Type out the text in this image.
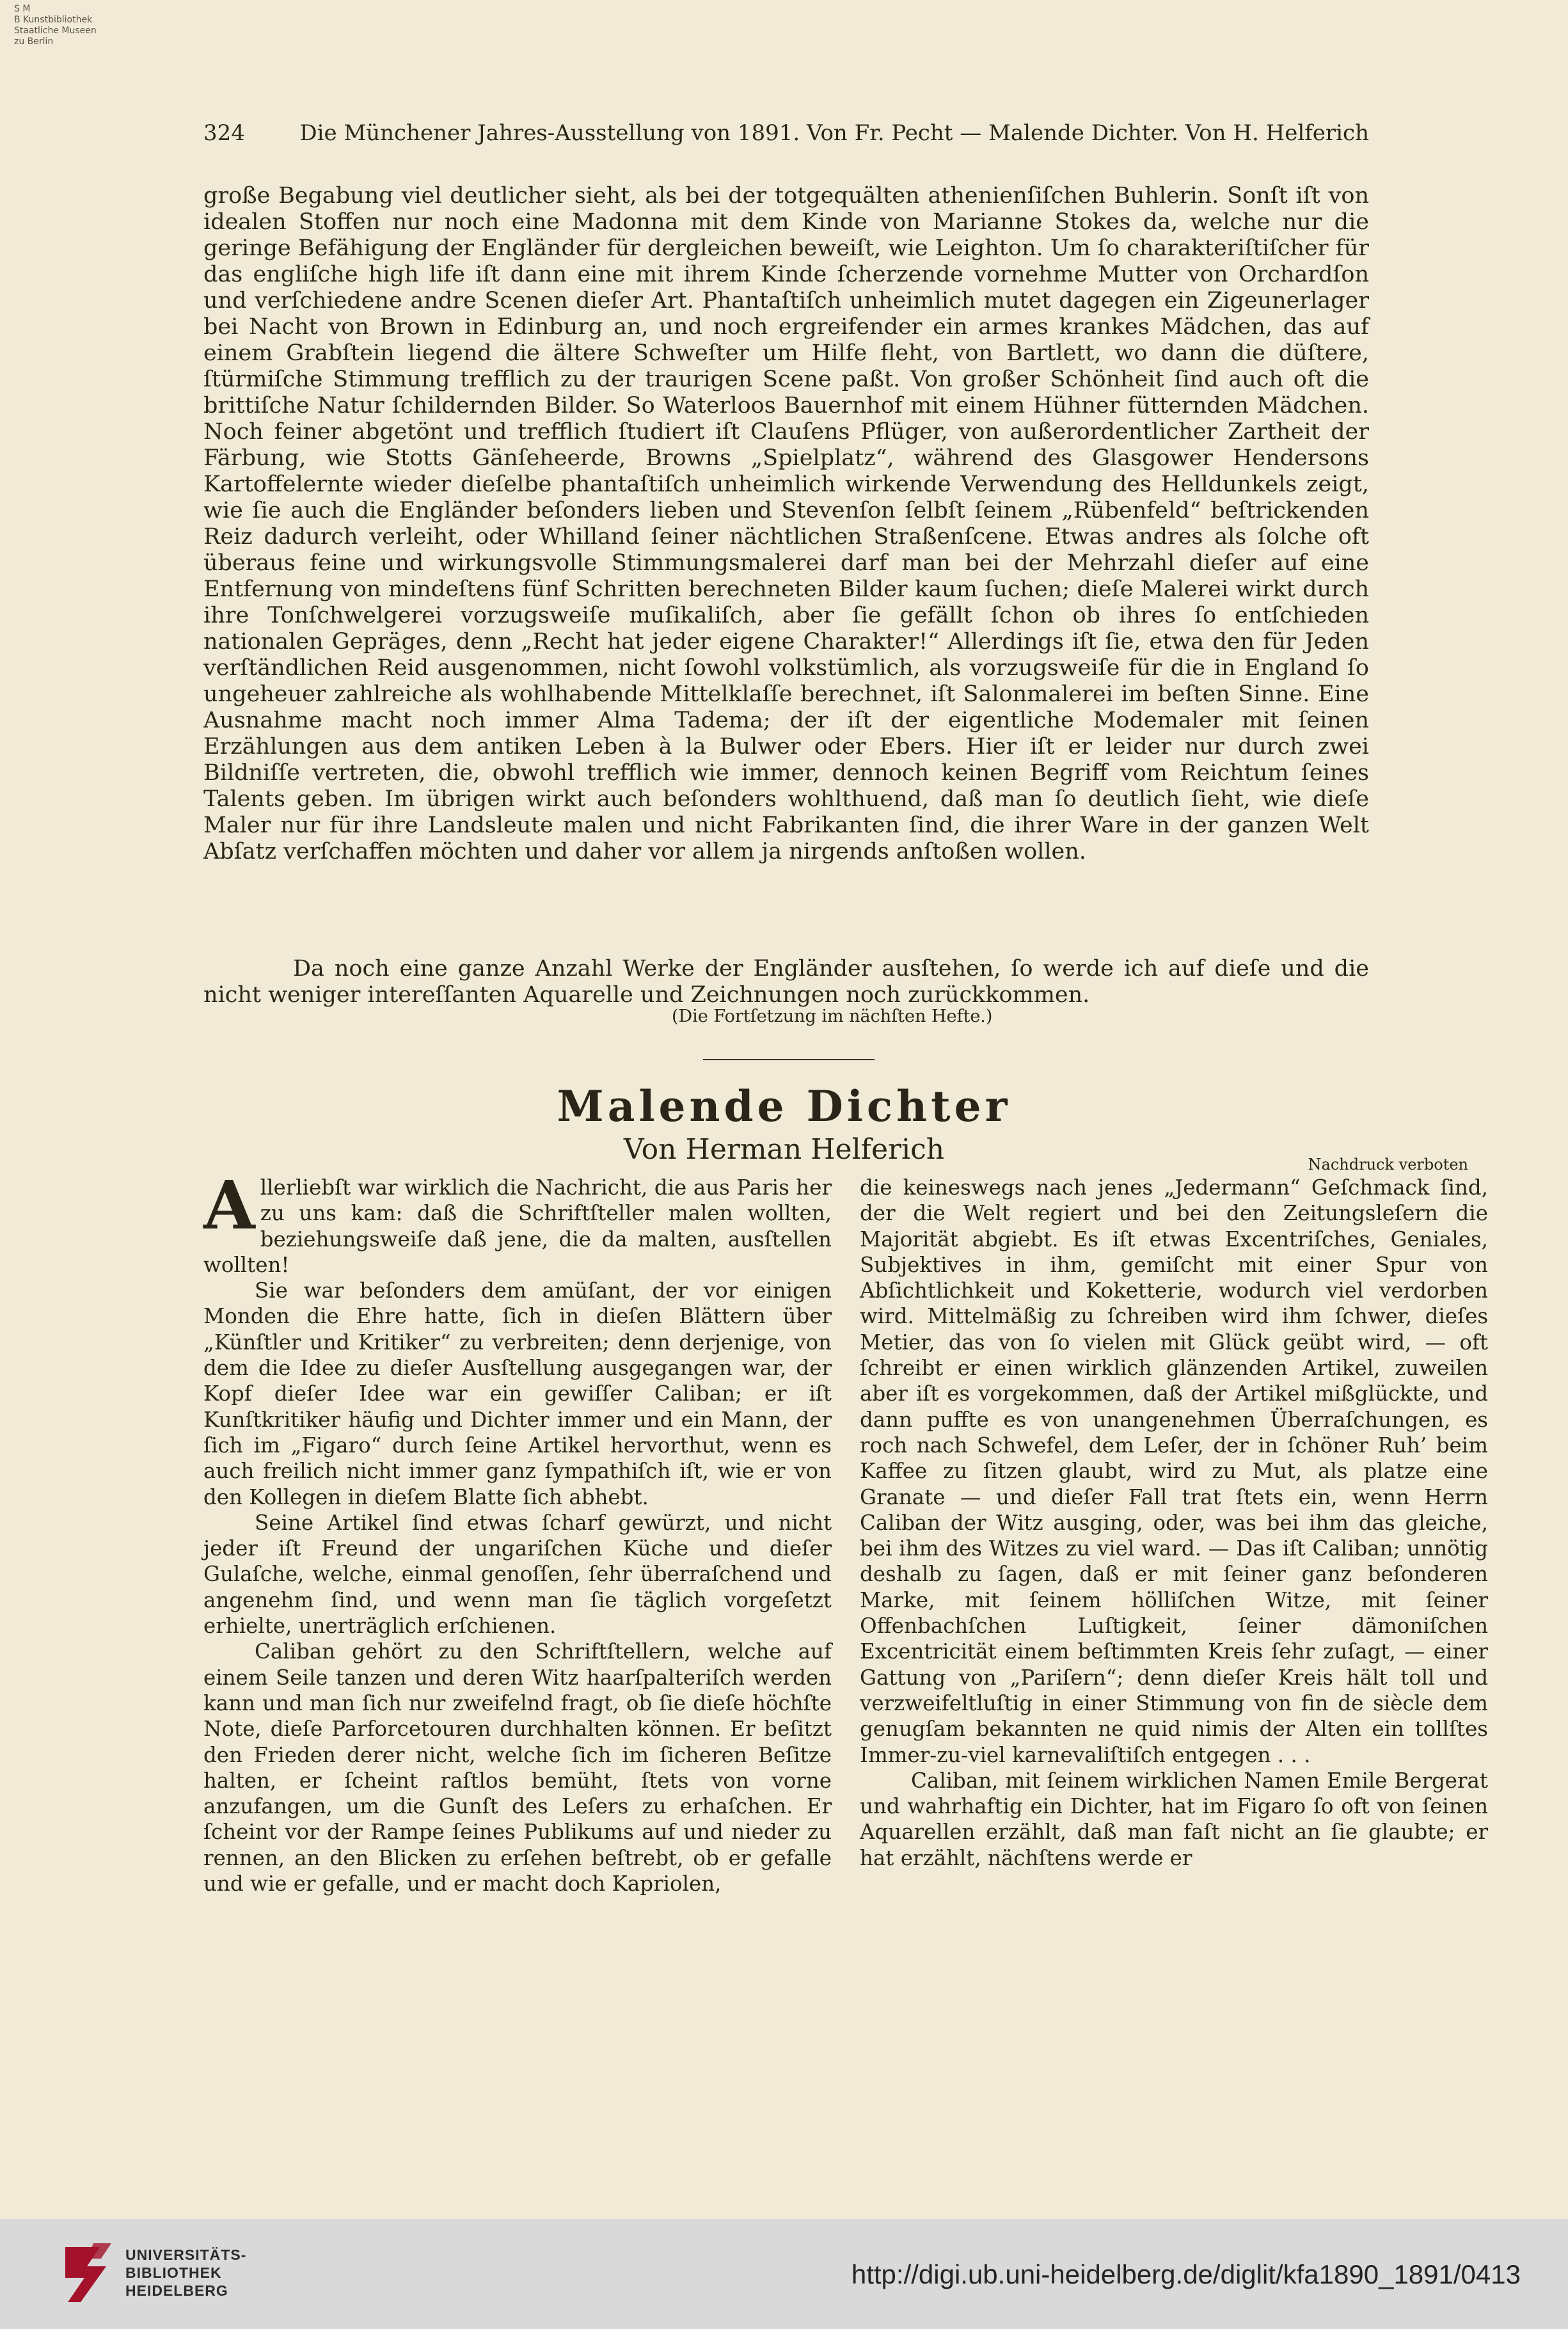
S M
B Kunstbibliothek
Staatliche Museen
zu Berlin
324	Die Münchener Jahres-Ausstellung von 1891. Von Fr. Pecht — Malende Dichter. Von H. Helferich

große Begabung viel deutlicher sieht, als bei der totgequälten athenienſiſchen Buhlerin. Sonſt iſt von idealen Stoffen nur noch eine Madonna mit dem Kinde von Marianne Stokes da, welche nur die geringe Befähigung der Engländer für dergleichen beweiſt, wie Leighton. Um ſo charakteriſtiſcher für das engliſche high life iſt dann eine mit ihrem Kinde ſcherzende vornehme Mutter von Orchardſon und verſchiedene andre Scenen dieſer Art. Phantaſtiſch unheimlich mutet dagegen ein Zigeunerlager bei Nacht von Brown in Edinburg an, und noch ergreifender ein armes krankes Mädchen, das auf einem Grabſtein liegend die ältere Schweſter um Hilfe fleht, von Bartlett, wo dann die düſtere, ſtürmiſche Stimmung trefflich zu der traurigen Scene paßt. Von großer Schönheit ſind auch oft die brittiſche Natur ſchildernden Bilder. So Waterloos Bauernhof mit einem Hühner fütternden Mädchen. Noch feiner abgetönt und trefflich ſtudiert iſt Clauſens Pflüger, von außerordentlicher Zartheit der Färbung, wie Stotts Gänſeheerde, Browns „Spielplatz“, während des Glasgower Hendersons Kartoffelernte wieder dieſelbe phantaſtiſch unheimlich wirkende Verwendung des Helldunkels zeigt, wie ſie auch die Engländer beſonders lieben und Stevenſon ſelbſt ſeinem „Rübenfeld“ beſtrickenden Reiz dadurch verleiht, oder Whilland ſeiner nächtlichen Straßenſcene. Etwas andres als ſolche oft überaus feine und wirkungsvolle Stimmungsmalerei darf man bei der Mehrzahl dieſer auf eine Entfernung von mindeſtens fünf Schritten berechneten Bilder kaum ſuchen; dieſe Malerei wirkt durch ihre Tonſchwelgerei vorzugsweiſe muſikaliſch, aber ſie gefällt ſchon ob ihres ſo entſchieden nationalen Gepräges, denn „Recht hat jeder eigene Charakter!“ Allerdings iſt ſie, etwa den für Jeden verſtändlichen Reid ausgenommen, nicht ſowohl volkstümlich, als vorzugsweiſe für die in England ſo ungeheuer zahlreiche als wohlhabende Mittelklaſſe berechnet, iſt Salonmalerei im beſten Sinne. Eine Ausnahme macht noch immer Alma Tadema; der iſt der eigentliche Modemaler mit ſeinen Erzählungen aus dem antiken Leben à la Bulwer oder Ebers. Hier iſt er leider nur durch zwei Bildniſſe vertreten, die, obwohl trefflich wie immer, dennoch keinen Begriff vom Reichtum ſeines Talents geben. Im übrigen wirkt auch beſonders wohlthuend, daß man ſo deutlich ſieht, wie dieſe Maler nur für ihre Landsleute malen und nicht Fabrikanten ſind, die ihrer Ware in der ganzen Welt Abſatz verſchaffen möchten und daher vor allem ja nirgends anſtoßen wollen.

Da noch eine ganze Anzahl Werke der Engländer ausſtehen, ſo werde ich auf dieſe und die nicht weniger intereſſanten Aquarelle und Zeichnungen noch zurückkommen.

(Die Fortſetzung im nächſten Hefte.)
Malende Dichter
Von Herman Helferich	Nachdruck verboten

Allerliebſt war wirklich die Nachricht, die aus Paris her zu uns kam: daß die Schriftſteller malen wollten, beziehungsweiſe daß jene, die da malten, ausſtellen wollten!

Sie war beſonders dem amüſant, der vor einigen Monden die Ehre hatte, ſich in dieſen Blättern über „Künſtler und Kritiker“ zu verbreiten; denn derjenige, von dem die Idee zu dieſer Ausſtellung ausgegangen war, der Kopf dieſer Idee war ein gewiſſer Caliban; er iſt Kunſtkritiker häufig und Dichter immer und ein Mann, der ſich im „Figaro“ durch ſeine Artikel hervorthut, wenn es auch freilich nicht immer ganz ſympathiſch iſt, wie er von den Kollegen in dieſem Blatte ſich abhebt.

Seine Artikel ſind etwas ſcharf gewürzt, und nicht jeder iſt Freund der ungariſchen Küche und dieſer Gulaſche, welche, einmal genoſſen, ſehr überraſchend und angenehm ſind, und wenn man ſie täglich vorgeſetzt erhielte, unerträglich erſchienen.

Caliban gehört zu den Schriftſtellern, welche auf einem Seile tanzen und deren Witz haarſpalteriſch werden kann und man ſich nur zweifelnd fragt, ob ſie dieſe höchſte Note, dieſe Parforcetouren durchhalten können. Er beſitzt den Frieden derer nicht, welche ſich im ſicheren Beſitze halten, er ſcheint raſtlos bemüht, ſtets von vorne anzufangen, um die Gunſt des Leſers zu erhaſchen. Er ſcheint vor der Rampe ſeines Publikums auf und nieder zu rennen, an den Blicken zu erſehen beſtrebt, ob er gefalle und wie er gefalle, und er macht doch Kapriolen,

die keineswegs nach jenes „Jedermann“ Geſchmack ſind, der die Welt regiert und bei den Zeitungsleſern die Majorität abgiebt. Es iſt etwas Excentriſches, Geniales, Subjektives in ihm, gemiſcht mit einer Spur von Abſichtlichkeit und Koketterie, wodurch viel verdorben wird. Mittelmäßig zu ſchreiben wird ihm ſchwer, dieſes Metier, das von ſo vielen mit Glück geübt wird, — oft ſchreibt er einen wirklich glänzenden Artikel, zuweilen aber iſt es vorgekommen, daß der Artikel mißglückte, und dann puffte es von unangenehmen Überraſchungen, es roch nach Schwefel, dem Leſer, der in ſchöner Ruh’ beim Kaffee zu ſitzen glaubt, wird zu Mut, als platze eine Granate — und dieſer Fall trat ſtets ein, wenn Herrn Caliban der Witz ausging, oder, was bei ihm das gleiche, bei ihm des Witzes zu viel ward. — Das iſt Caliban; unnötig deshalb zu ſagen, daß er mit ſeiner ganz beſonderen Marke, mit ſeinem hölliſchen Witze, mit ſeiner Offenbachſchen Luſtigkeit, ſeiner dämoniſchen Excentricität einem beſtimmten Kreis ſehr zuſagt, — einer Gattung von „Pariſern“; denn dieſer Kreis hält toll und verzweifeltluſtig in einer Stimmung von fin de siècle dem genugſam bekannten ne quid nimis der Alten ein tollſtes Immer-zu-viel karnevaliſtiſch entgegen . . .

Caliban, mit ſeinem wirklichen Namen Emile Bergerat und wahrhaftig ein Dichter, hat im Figaro ſo oft von ſeinen Aquarellen erzählt, daß man faſt nicht an ſie glaubte; er hat erzählt, nächſtens werde er

UNIVERSITÄTS-
BIBLIOTHEK
HEIDELBERG
http://digi.ub.uni-heidelberg.de/diglit/kfa1890_1891/0413
